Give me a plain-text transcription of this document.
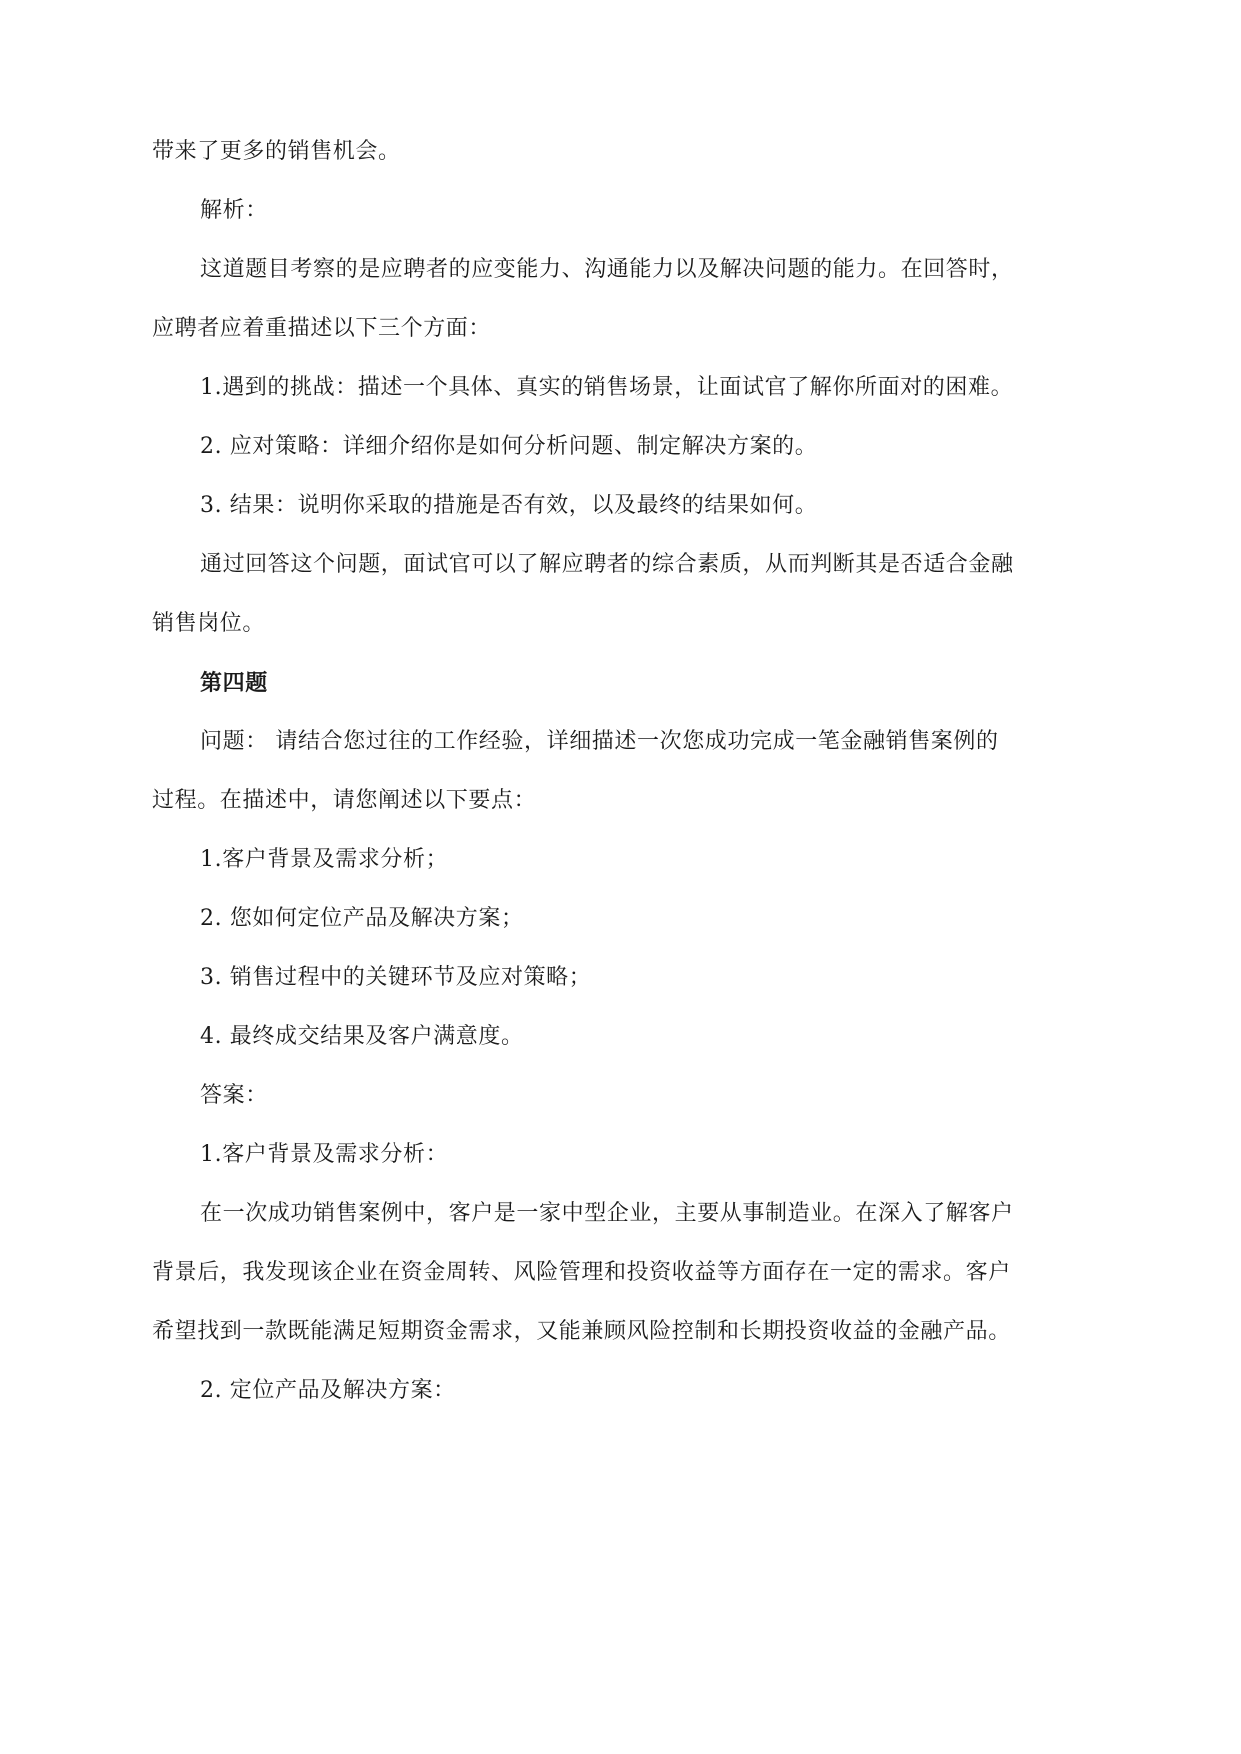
带来了更多的销售机会。
解析：
这道题目考察的是应聘者的应变能力、沟通能力以及解决问题的能力。在回答时，
应聘者应着重描述以下三个方面：
1.遇到的挑战：描述一个具体、真实的销售场景，让面试官了解你所面对的困难。
2. 应对策略：详细介绍你是如何分析问题、制定解决方案的。
3. 结果：说明你采取的措施是否有效，以及最终的结果如何。
通过回答这个问题，面试官可以了解应聘者的综合素质，从而判断其是否适合金融
销售岗位。
第四题
问题： 请结合您过往的工作经验，详细描述一次您成功完成一笔金融销售案例的
过程。在描述中，请您阐述以下要点：
1.客户背景及需求分析；
2. 您如何定位产品及解决方案；
3. 销售过程中的关键环节及应对策略；
4. 最终成交结果及客户满意度。
答案：
1.客户背景及需求分析：
在一次成功销售案例中，客户是一家中型企业，主要从事制造业。在深入了解客户
背景后，我发现该企业在资金周转、风险管理和投资收益等方面存在一定的需求。客户
希望找到一款既能满足短期资金需求，又能兼顾风险控制和长期投资收益的金融产品。
2. 定位产品及解决方案：
